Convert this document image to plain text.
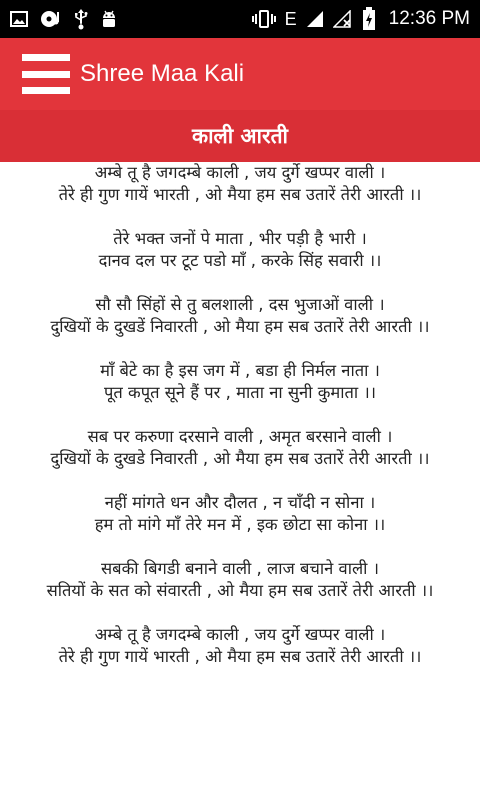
E	12:36 PM
Shree Maa Kali
काली आरती
अम्बे तू है जगदम्बे काली , जय दुर्गे खप्पर वाली ।
तेरे ही गुण गायें भारती , ओ मैया हम सब उतारें तेरी आरती ।।
तेरे भक्त जनों पे माता , भीर पड़ी है भारी ।
दानव दल पर टूट पडो माँ , करके सिंह सवारी ।।
सौ सौ सिंहों से तु बलशाली , दस भुजाओं वाली ।
दुखियों के दुखडें निवारती , ओ मैया हम सब उतारें तेरी आरती ।।
माँ बेटे का है इस जग में , बडा ही निर्मल नाता ।
पूत कपूत सूने हैं पर , माता ना सुनी कुमाता ।।
सब पर करुणा दरसाने वाली , अमृत बरसाने वाली ।
दुखियों के दुखडे निवारती , ओ मैया हम सब उतारें तेरी आरती ।।
नहीं मांगते धन और दौलत , न चाँदी न सोना ।
हम तो मांगे माँ तेरे मन में , इक छोटा सा कोना ।।
सबकी बिगडी बनाने वाली , लाज बचाने वाली ।
सतियों के सत को संवारती , ओ मैया हम सब उतारें तेरी आरती ।।
अम्बे तू है जगदम्बे काली , जय दुर्गे खप्पर वाली ।
तेरे ही गुण गायें भारती , ओ मैया हम सब उतारें तेरी आरती ।।
